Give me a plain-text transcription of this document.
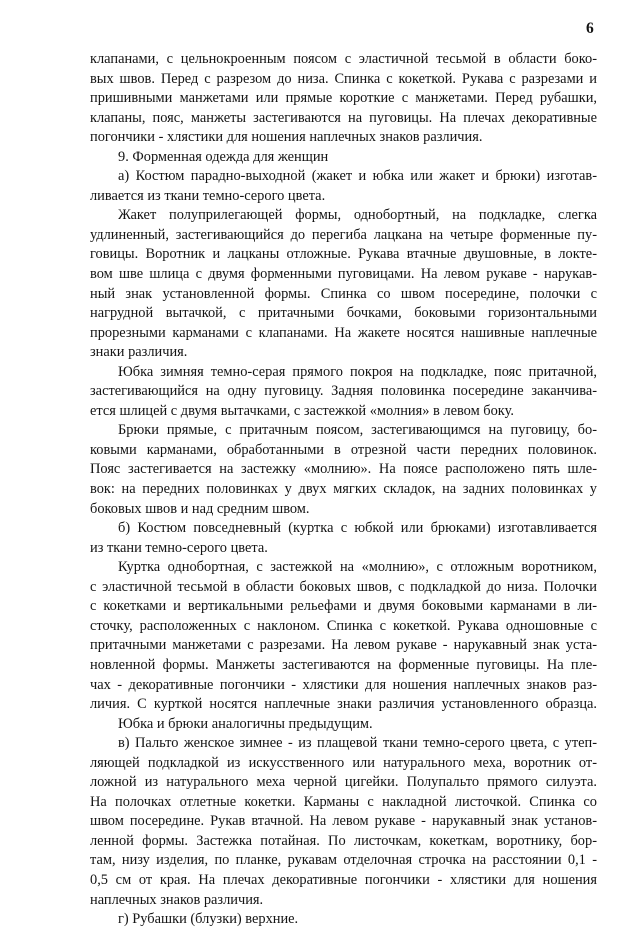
6
клапанами, с цельнокроенным поясом с эластичной тесьмой в области боко-
вых швов. Перед с разрезом до низа. Спинка с кокеткой. Рукава с разрезами и
пришивными манжетами или прямые короткие с манжетами. Перед рубашки,
клапаны, пояс, манжеты застегиваются на пуговицы. На плечах декоративные
погончики - хлястики для ношения наплечных знаков различия.
9. Форменная одежда для женщин
а) Костюм парадно-выходной (жакет и юбка или жакет и брюки) изготав-
ливается из ткани темно-серого цвета.
Жакет полуприлегающей формы, однобортный, на подкладке, слегка
удлиненный, застегивающийся до перегиба лацкана на четыре форменные пу-
говицы. Воротник и лацканы отложные. Рукава втачные двушовные, в локте-
вом шве шлица с двумя форменными пуговицами. На левом рукаве - нарукав-
ный знак установленной формы. Спинка со швом посередине, полочки с
нагрудной вытачкой, с притачными бочками, боковыми горизонтальными
прорезными карманами с клапанами. На жакете носятся нашивные наплечные
знаки различия.
Юбка зимняя темно-серая прямого покроя на подкладке, пояс притачной,
застегивающийся на одну пуговицу. Задняя половинка посередине заканчива-
ется шлицей с двумя вытачками, с застежкой «молния» в левом боку.
Брюки прямые, с притачным поясом, застегивающимся на пуговицу, бо-
ковыми карманами, обработанными в отрезной части передних половинок.
Пояс застегивается на застежку «молнию». На поясе расположено пять шле-
вок: на передних половинках у двух мягких складок, на задних половинках у
боковых швов и над средним швом.
б) Костюм повседневный (куртка с юбкой или брюками) изготавливается
из ткани темно-серого цвета.
Куртка однобортная, с застежкой на «молнию», с отложным воротником,
с эластичной тесьмой в области боковых швов, с подкладкой до низа. Полочки
с кокетками и вертикальными рельефами и двумя боковыми карманами в ли-
сточку, расположенных с наклоном. Спинка с кокеткой. Рукава одношовные с
притачными манжетами с разрезами. На левом рукаве - нарукавный знак уста-
новленной формы. Манжеты застегиваются на форменные пуговицы. На пле-
чах - декоративные погончики - хлястики для ношения наплечных знаков раз-
личия. С курткой носятся наплечные знаки различия установленного образца.
Юбка и брюки аналогичны предыдущим.
в) Пальто женское зимнее - из плащевой ткани темно-серого цвета, с утеп-
ляющей подкладкой из искусственного или натурального меха, воротник от-
ложной из натурального меха черной цигейки. Полупальто прямого силуэта.
На полочках отлетные кокетки. Карманы с накладной листочкой. Спинка со
швом посередине. Рукав втачной. На левом рукаве - нарукавный знак установ-
ленной формы. Застежка потайная. По листочкам, кокеткам, воротнику, бор-
там, низу изделия, по планке, рукавам отделочная строчка на расстоянии 0,1 -
0,5 см от края. На плечах декоративные погончики - хлястики для ношения
наплечных знаков различия.
г) Рубашки (блузки) верхние.
